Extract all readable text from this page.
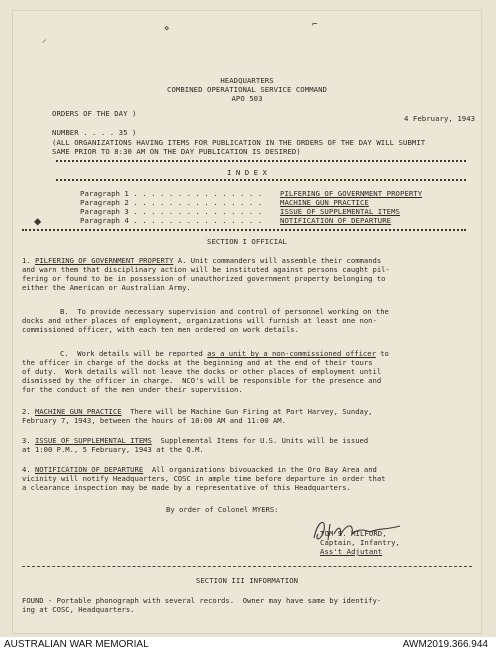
⸝
⋄	⌐
◆
HEADQUARTERS
COMBINED OPERATIONAL SERVICE COMMAND
APO 503
ORDERS OF THE DAY )
4 February, 1943
NUMBER . . . . 35 )
(ALL ORGANIZATIONS HAVING ITEMS FOR PUBLICATION IN THE ORDERS OF THE DAY WILL SUBMIT
SAME PRIOR TO 8:30 AM ON THE DAY PUBLICATION IS DESIRED)
I N D E X
Paragraph 1 . . . . . . . . . . . . . . . PILFERING OF GOVERNMENT PROPERTY
Paragraph 2 . . . . . . . . . . . . . . . MACHINE GUN PRACTICE
Paragraph 3 . . . . . . . . . . . . . . . ISSUE OF SUPPLEMENTAL ITEMS
Paragraph 4 . . . . . . . . . . . . . . . NOTIFICATION OF DEPARTURE
SECTION I OFFICIAL
1. PILFERING OF GOVERNMENT PROPERTY A. Unit commanders will assemble their commands
and warn them that disciplinary action will be instituted against persons caught pil-
fering or found to be in possession of unauthorized government property belonging to
either the American or Australian Army.
B.  To provide necessary supervision and control of personnel working on the
docks and other places of employment, organizations will furnish at least one non-
commissioned officer, with each ten men ordered on work details.
C.  Work details will be reported as a unit by a non-commissioned officer to
the officer in charge of the docks at the beginning and at the end of their tours
of duty.  Work details will not leave the docks or other places of employment until
dismissed by the officer in charge.  NCO's will be responsible for the presence and
for the conduct of the men under their supervision.
2. MACHINE GUN PRACTICE  There will be Machine Gun Firing at Port Harvey, Sunday,
February 7, 1943, between the hours of 10:00 AM and 11:00 AM.
3. ISSUE OF SUPPLEMENTAL ITEMS  Supplemental Items for U.S. Units will be issued
at 1:00 P.M., 5 February, 1943 at the Q.M.
4. NOTIFICATION OF DEPARTURE  All organizations bivouacked in the Oro Bay Area and
vicinity will notify Headquarters, COSC in ample time before departure in order that
a clearance inspection may be made by a representative of this Headquarters.
By order of Colonel MYERS:
TOM S. MILFORD,
Captain, Infantry,
Ass't Adjutant
SECTION III INFORMATION
FOUND - Portable phonograph with several records.  Owner may have same by identify-
ing at COSC, Headquarters.
AUSTRALIAN WAR MEMORIAL	AWM2019.366.944
